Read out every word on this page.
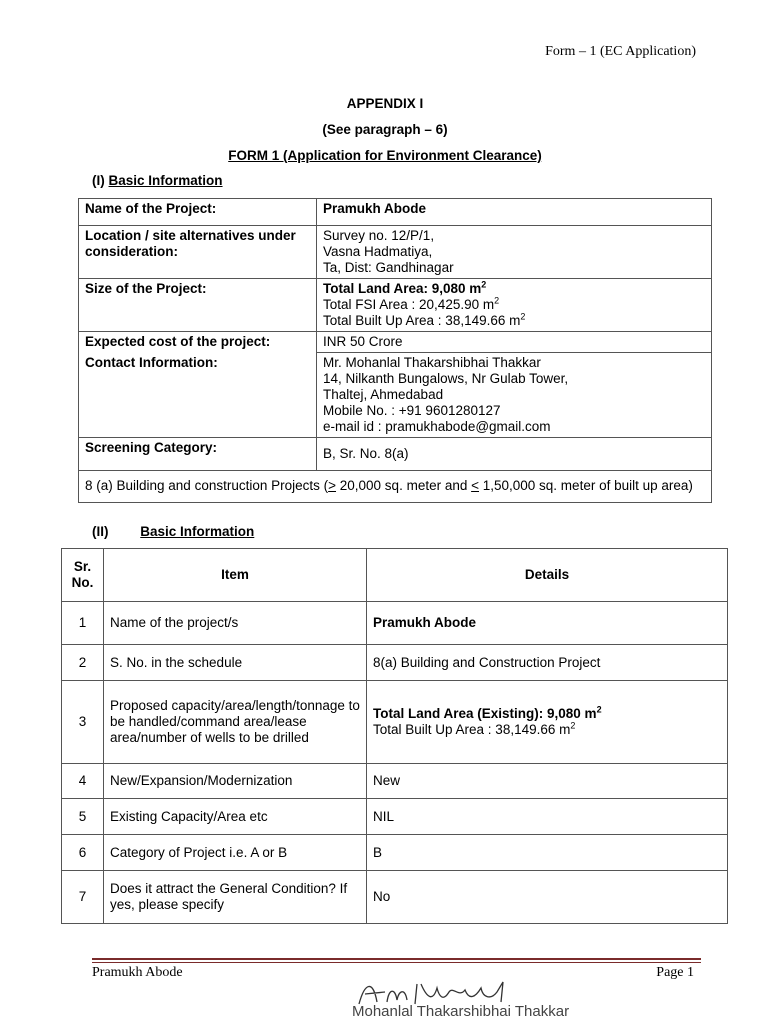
Form – 1 (EC Application)
APPENDIX I
(See paragraph – 6)
FORM 1 (Application for Environment Clearance)
(I) Basic Information
Name of the Project:	Pramukh Abode
Location / site alternatives under consideration:	Survey no. 12/P/1,
Vasna Hadmatiya,
Ta, Dist: Gandhinagar

Size of the Project:	Total Land Area: 9,080 $m^2$
Total FSI Area : 20,425.90 $m^2$
Total Built Up Area : 38,149.66 $m^2$

Expected cost of the project:	INR 50 Crore
Contact Information:	Mr. Mohanlal Thakarshibhai Thakkar
14, Nilkanth Bungalows, Nr Gulab Tower,
Thaltej, Ahmedabad
Mobile No. : +91 9601280127
e-mail id : pramukhabode@gmail.com

Screening Category:	B, Sr. No. 8(a)
8 (a) Building and construction Projects (> 20,000 sq. meter and < 1,50,000 sq. meter of built up area)	
(II) Basic Information
Sr. No.	Item	Details
1	Name of the project/s	Pramukh Abode
2	S. No. in the schedule	8(a) Building and Construction Project
3	Proposed capacity/area/length/tonnage to be handled/command area/lease area/number of wells to be drilled	Total Land Area (Existing): 9,080 $m^2$
Total Built Up Area : 38,149.66 $m^2$

4	New/Expansion/Modernization	New
5	Existing Capacity/Area etc	NIL
6	Category of Project i.e. A or B	B
7	Does it attract the General Condition? If yes, please specify	No
Pramukh Abode	Page 1
Mohanlal Thakarshibhai Thakkar
